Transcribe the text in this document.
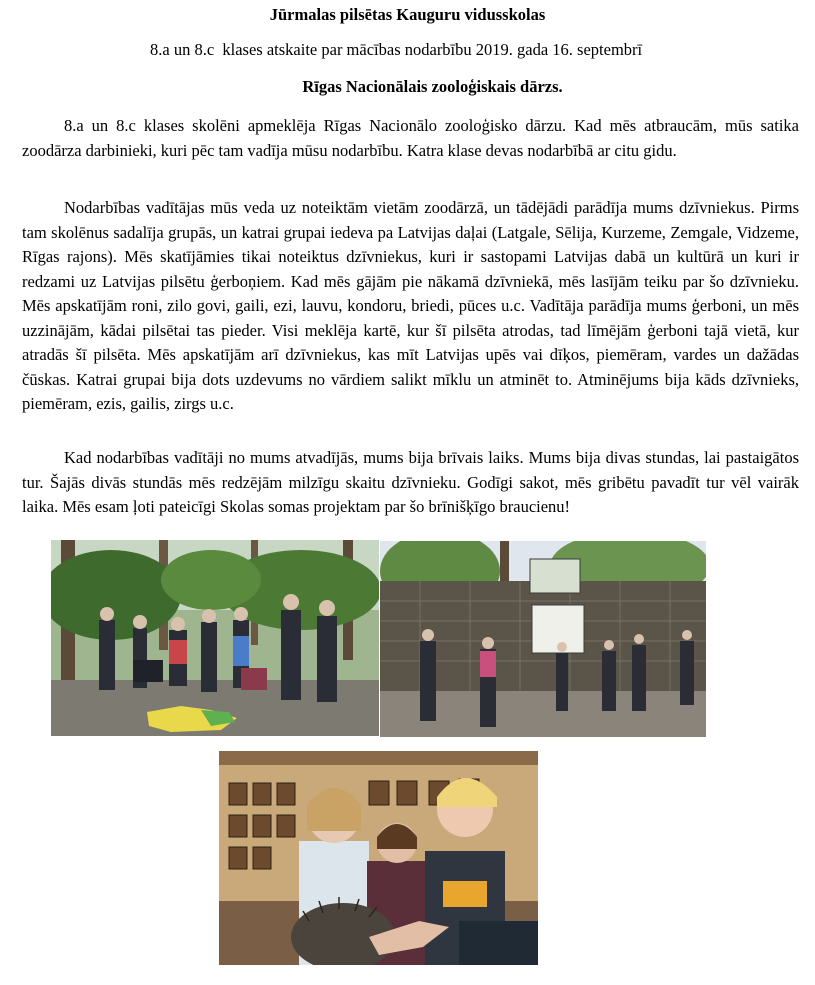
Jūrmalas pilsētas Kauguru vidusskolas
8.a un 8.c  klases atskaite par mācības nodarbību 2019. gada 16. septembrī
Rīgas Nacionālais zooloģiskais dārzs.

8.a un 8.c klases skolēni apmeklēja Rīgas Nacionālo zooloģisko dārzu. Kad mēs atbraucām, mūs satika zoodārza darbinieki, kuri pēc tam vadīja mūsu nodarbību. Katra klase devas nodarbībā ar citu gidu.

Nodarbības vadītājas mūs veda uz noteiktām vietām zoodārzā, un tādējādi parādīja mums dzīvniekus. Pirms tam skolēnus sadalīja grupās, un katrai grupai iedeva pa Latvijas daļai (Latgale, Sēlija, Kurzeme, Zemgale, Vidzeme, Rīgas rajons). Mēs skatījāmies tikai noteiktus dzīvniekus, kuri ir sastopami Latvijas dabā un kultūrā un kuri ir redzami uz Latvijas pilsētu ģerboņiem. Kad mēs gājām pie nākamā dzīvniekā, mēs lasījām teiku par šo dzīvnieku. Mēs apskatījām roni, zilo govi, gaili, ezi, lauvu, kondoru, briedi, pūces u.c. Vadītāja parādīja mums ģerboni, un mēs uzzinājām, kādai pilsētai tas pieder. Visi meklēja kartē, kur šī pilsēta atrodas, tad līmējām ģerboni tajā vietā, kur atradās šī pilsēta. Mēs apskatījām arī dzīvniekus, kas mīt Latvijas upēs vai dīķos, piemēram, vardes un dažādas čūskas. Katrai grupai bija dots uzdevums no vārdiem salikt mīklu un atminēt to. Atminējums bija kāds dzīvnieks, piemēram, ezis, gailis, zirgs u.c.

Kad nodarbības vadītāji no mums atvadījās, mums bija brīvais laiks. Mums bija divas stundas, lai pastaigātos tur. Šajās divās stundās mēs redzējām milzīgu skaitu dzīvnieku. Godīgi sakot, mēs gribētu pavadīt tur vēl vairāk laika. Mēs esam ļoti pateicīgi Skolas somas projektam par šo brīnišķīgo braucienu!
